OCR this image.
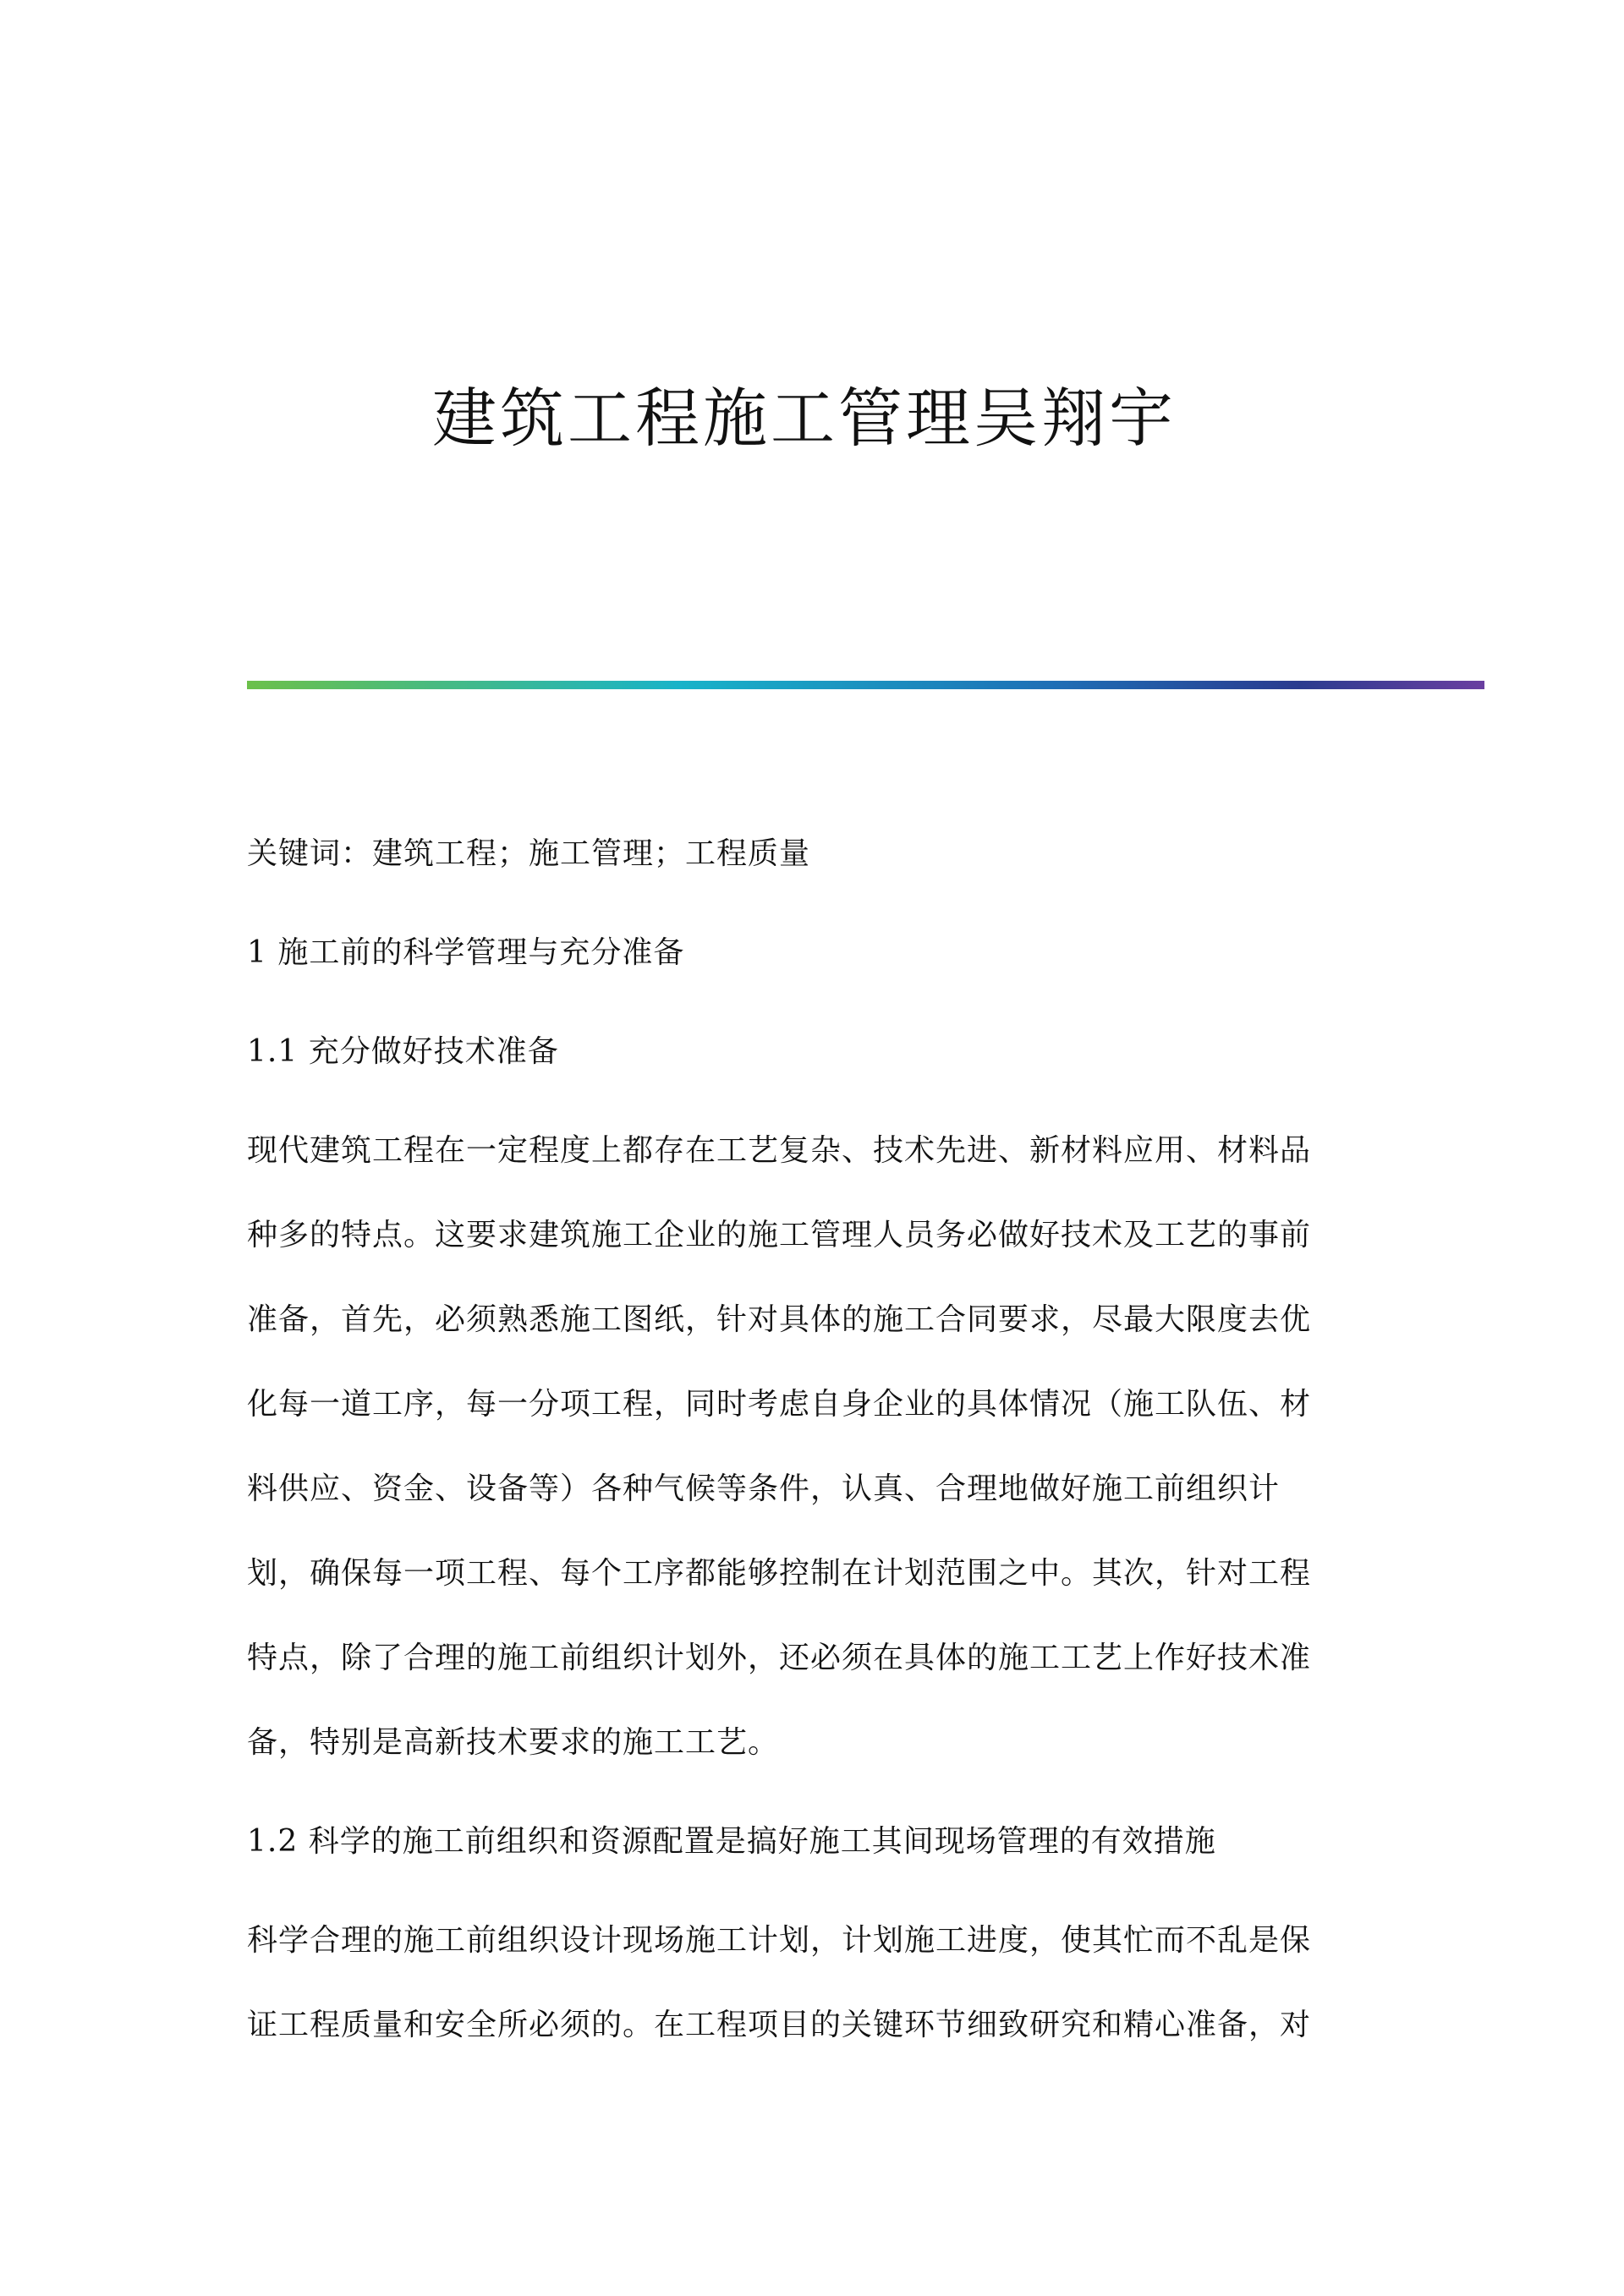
建筑工程施工管理吴翔宇
关键词：建筑工程；施工管理；工程质量
1 施工前的科学管理与充分准备
1.1 充分做好技术准备
现代建筑工程在一定程度上都存在工艺复杂、技术先进、新材料应用、材料品
种多的特点。这要求建筑施工企业的施工管理人员务必做好技术及工艺的事前
准备，首先，必须熟悉施工图纸，针对具体的施工合同要求，尽最大限度去优
化每一道工序，每一分项工程，同时考虑自身企业的具体情况（施工队伍、材
料供应、资金、设备等）各种气候等条件，认真、合理地做好施工前组织计
划，确保每一项工程、每个工序都能够控制在计划范围之中。其次，针对工程
特点，除了合理的施工前组织计划外，还必须在具体的施工工艺上作好技术准
备，特别是高新技术要求的施工工艺。
1.2 科学的施工前组织和资源配置是搞好施工其间现场管理的有效措施
科学合理的施工前组织设计现场施工计划，计划施工进度，使其忙而不乱是保
证工程质量和安全所必须的。在工程项目的关键环节细致研究和精心准备，对
